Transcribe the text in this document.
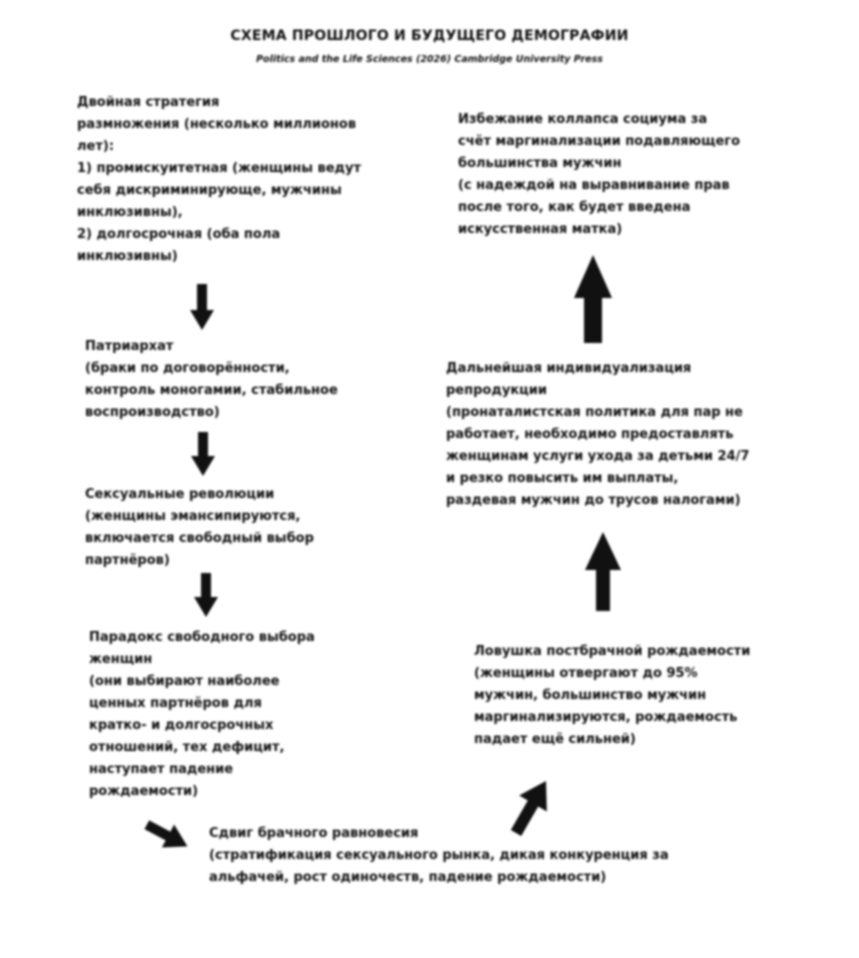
СХЕМА ПРОШЛОГО И БУДУЩЕГО ДЕМОГРАФИИ
Politics and the Life Sciences (2026) Cambridge University Press
Двойная стратегия
размножения (несколько миллионов
лет):
1) промискуитетная (женщины ведут
себя дискриминирующе, мужчины
инклюзивны),
2) долгосрочная (оба пола
инклюзивны)
Патриархат
(браки по договорённости,
контроль моногамии, стабильное
воспроизводство)
Сексуальные революции
(женщины эмансипируются,
включается свободный выбор
партнёров)
Парадокс свободного выбора
женщин
(они выбирают наиболее
ценных партнёров для
кратко- и долгосрочных
отношений, тех дефицит,
наступает падение
рождаемости)
Сдвиг брачного равновесия
(стратификация сексуального рынка, дикая конкуренция за
альфачей, рост одиночеств, падение рождаемости)
Ловушка постбрачной рождаемости
(женщины отвергают до 95%
мужчин, большинство мужчин
маргинализируются, рождаемость
падает ещё сильней)
Дальнейшая индивидуализация
репродукции
(пронаталистская политика для пар не
работает, необходимо предоставлять
женщинам услуги ухода за детьми 24/7
и резко повысить им выплаты,
раздевая мужчин до трусов налогами)
Избежание коллапса социума за
счёт маргинализации подавляющего
большинства мужчин
(с надеждой на выравнивание прав
после того, как будет введена
искусственная матка)
